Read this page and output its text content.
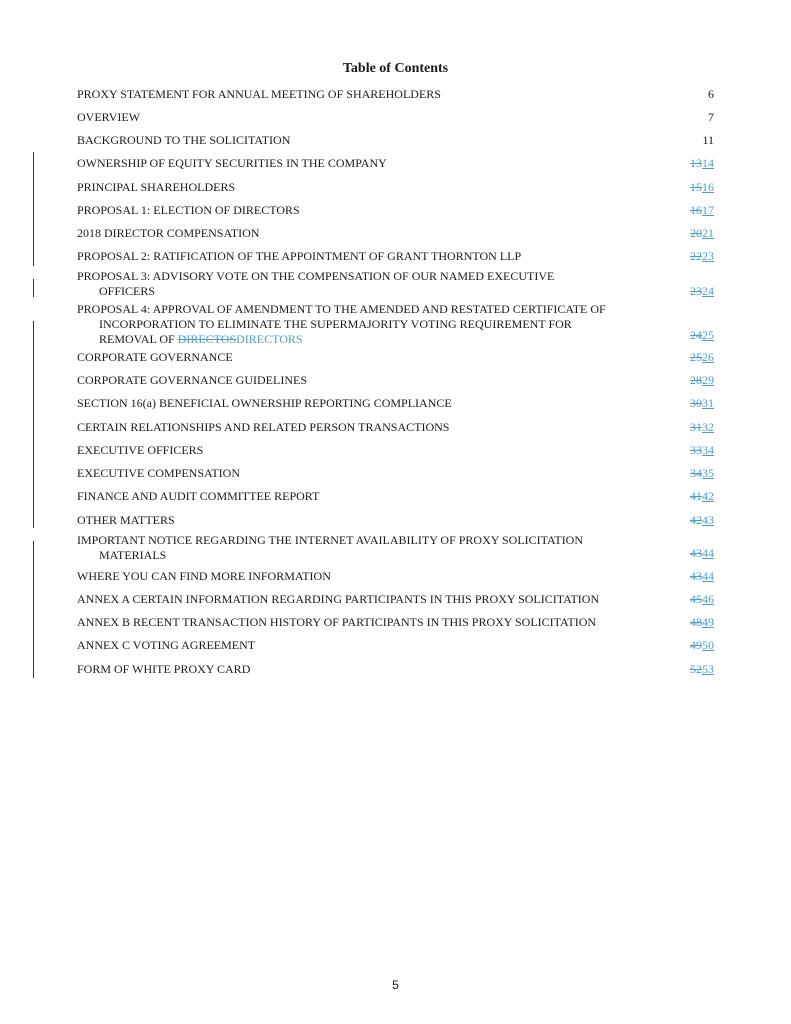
Table of Contents
PROXY STATEMENT FOR ANNUAL MEETING OF SHAREHOLDERS	6
OVERVIEW	7
BACKGROUND TO THE SOLICITATION	11
OWNERSHIP OF EQUITY SECURITIES IN THE COMPANY	1314
PRINCIPAL SHAREHOLDERS	1516
PROPOSAL 1: ELECTION OF DIRECTORS	1617
2018 DIRECTOR COMPENSATION	2021
PROPOSAL 2: RATIFICATION OF THE APPOINTMENT OF GRANT THORNTON LLP	2223
PROPOSAL 3: ADVISORY VOTE ON THE COMPENSATION OF OUR NAMED EXECUTIVE
OFFICERS	2324
PROPOSAL 4: APPROVAL OF AMENDMENT TO THE AMENDED AND RESTATED CERTIFICATE OF
INCORPORATION TO ELIMINATE THE SUPERMAJORITY VOTING REQUIREMENT FOR
REMOVAL OF DIRECTOSDIRECTORS	2425
CORPORATE GOVERNANCE	2526
CORPORATE GOVERNANCE GUIDELINES	2829
SECTION 16(a) BENEFICIAL OWNERSHIP REPORTING COMPLIANCE	3031
CERTAIN RELATIONSHIPS AND RELATED PERSON TRANSACTIONS	3132
EXECUTIVE OFFICERS	3334
EXECUTIVE COMPENSATION	3435
FINANCE AND AUDIT COMMITTEE REPORT	4142
OTHER MATTERS	4243
IMPORTANT NOTICE REGARDING THE INTERNET AVAILABILITY OF PROXY SOLICITATION
MATERIALS	4344
WHERE YOU CAN FIND MORE INFORMATION	4344
ANNEX A CERTAIN INFORMATION REGARDING PARTICIPANTS IN THIS PROXY SOLICITATION	4546
ANNEX B RECENT TRANSACTION HISTORY OF PARTICIPANTS IN THIS PROXY SOLICITATION	4849
ANNEX C VOTING AGREEMENT	4950
FORM OF WHITE PROXY CARD	5253
5
